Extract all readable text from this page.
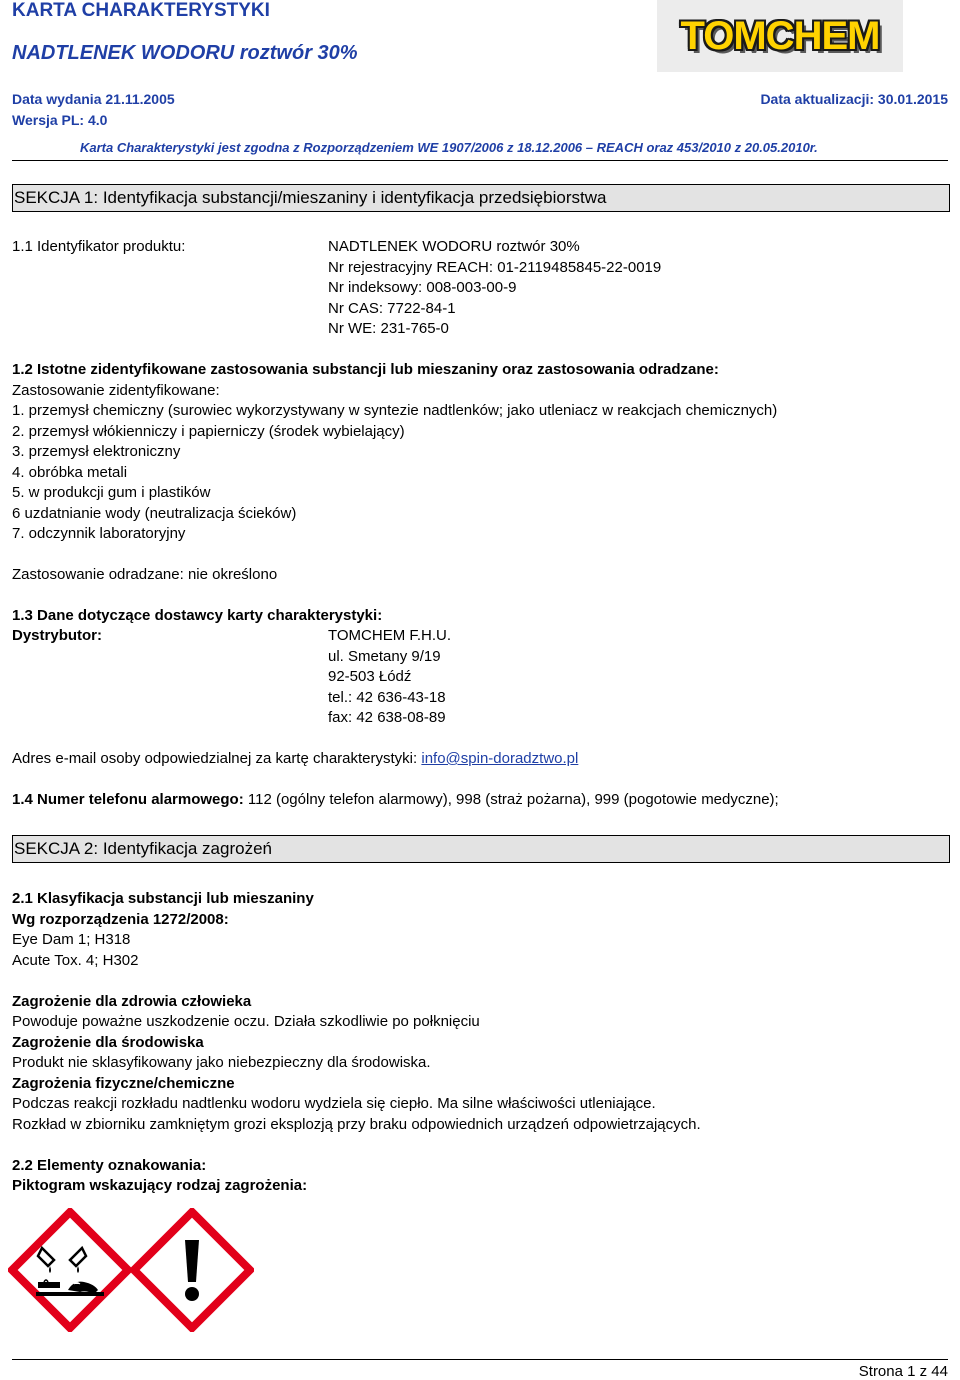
KARTA CHARAKTERYSTYKI
NADTLENEK WODORU roztwór 30%	TOMCHEM
Data wydania 21.11.2005	Data aktualizacji: 30.01.2015
Wersja PL: 4.0
Karta Charakterystyki jest zgodna z Rozporządzeniem WE 1907/2006 z 18.12.2006 – REACH oraz 453/2010 z 20.05.2010r.
SEKCJA 1: Identyfikacja substancji/mieszaniny i identyfikacja przedsiębiorstwa
1.1 Identyfikator produktu:	NADTLENEK WODORU roztwór 30%
Nr rejestracyjny REACH: 01-2119485845-22-0019
Nr indeksowy: 008-003-00-9
Nr CAS: 7722-84-1
Nr WE: 231-765-0
1.2 Istotne zidentyfikowane zastosowania substancji lub mieszaniny oraz zastosowania odradzane:
Zastosowanie zidentyfikowane:
1. przemysł chemiczny (surowiec wykorzystywany w syntezie nadtlenków; jako utleniacz w reakcjach chemicznych)
2. przemysł włókienniczy i papierniczy (środek wybielający)
3. przemysł elektroniczny
4. obróbka metali
5. w produkcji gum i plastików
6 uzdatnianie wody (neutralizacja ścieków)
7. odczynnik laboratoryjny
Zastosowanie odradzane: nie określono
1.3 Dane dotyczące dostawcy karty charakterystyki:
Dystrybutor:	TOMCHEM F.H.U.
ul. Smetany 9/19
92-503 Łódź
tel.: 42 636-43-18
fax: 42 638-08-89
Adres e-mail osoby odpowiedzialnej za kartę charakterystyki: info@spin-doradztwo.pl
1.4 Numer telefonu alarmowego: 112 (ogólny telefon alarmowy), 998 (straż pożarna), 999 (pogotowie medyczne);
SEKCJA 2: Identyfikacja zagrożeń
2.1 Klasyfikacja substancji lub mieszaniny
Wg rozporządzenia 1272/2008:
Eye Dam 1; H318
Acute Tox. 4; H302
Zagrożenie dla zdrowia człowieka
Powoduje poważne uszkodzenie oczu. Działa szkodliwie po połknięciu
Zagrożenie dla środowiska
Produkt nie sklasyfikowany jako niebezpieczny dla środowiska.
Zagrożenia fizyczne/chemiczne
Podczas reakcji rozkładu nadtlenku wodoru wydziela się ciepło. Ma silne właściwości utleniające.
Rozkład w zbiorniku zamkniętym grozi eksplozją przy braku odpowiednich urządzeń odpowietrzających.
2.2 Elementy oznakowania:
Piktogram wskazujący rodzaj zagrożenia:
Strona 1 z 44
